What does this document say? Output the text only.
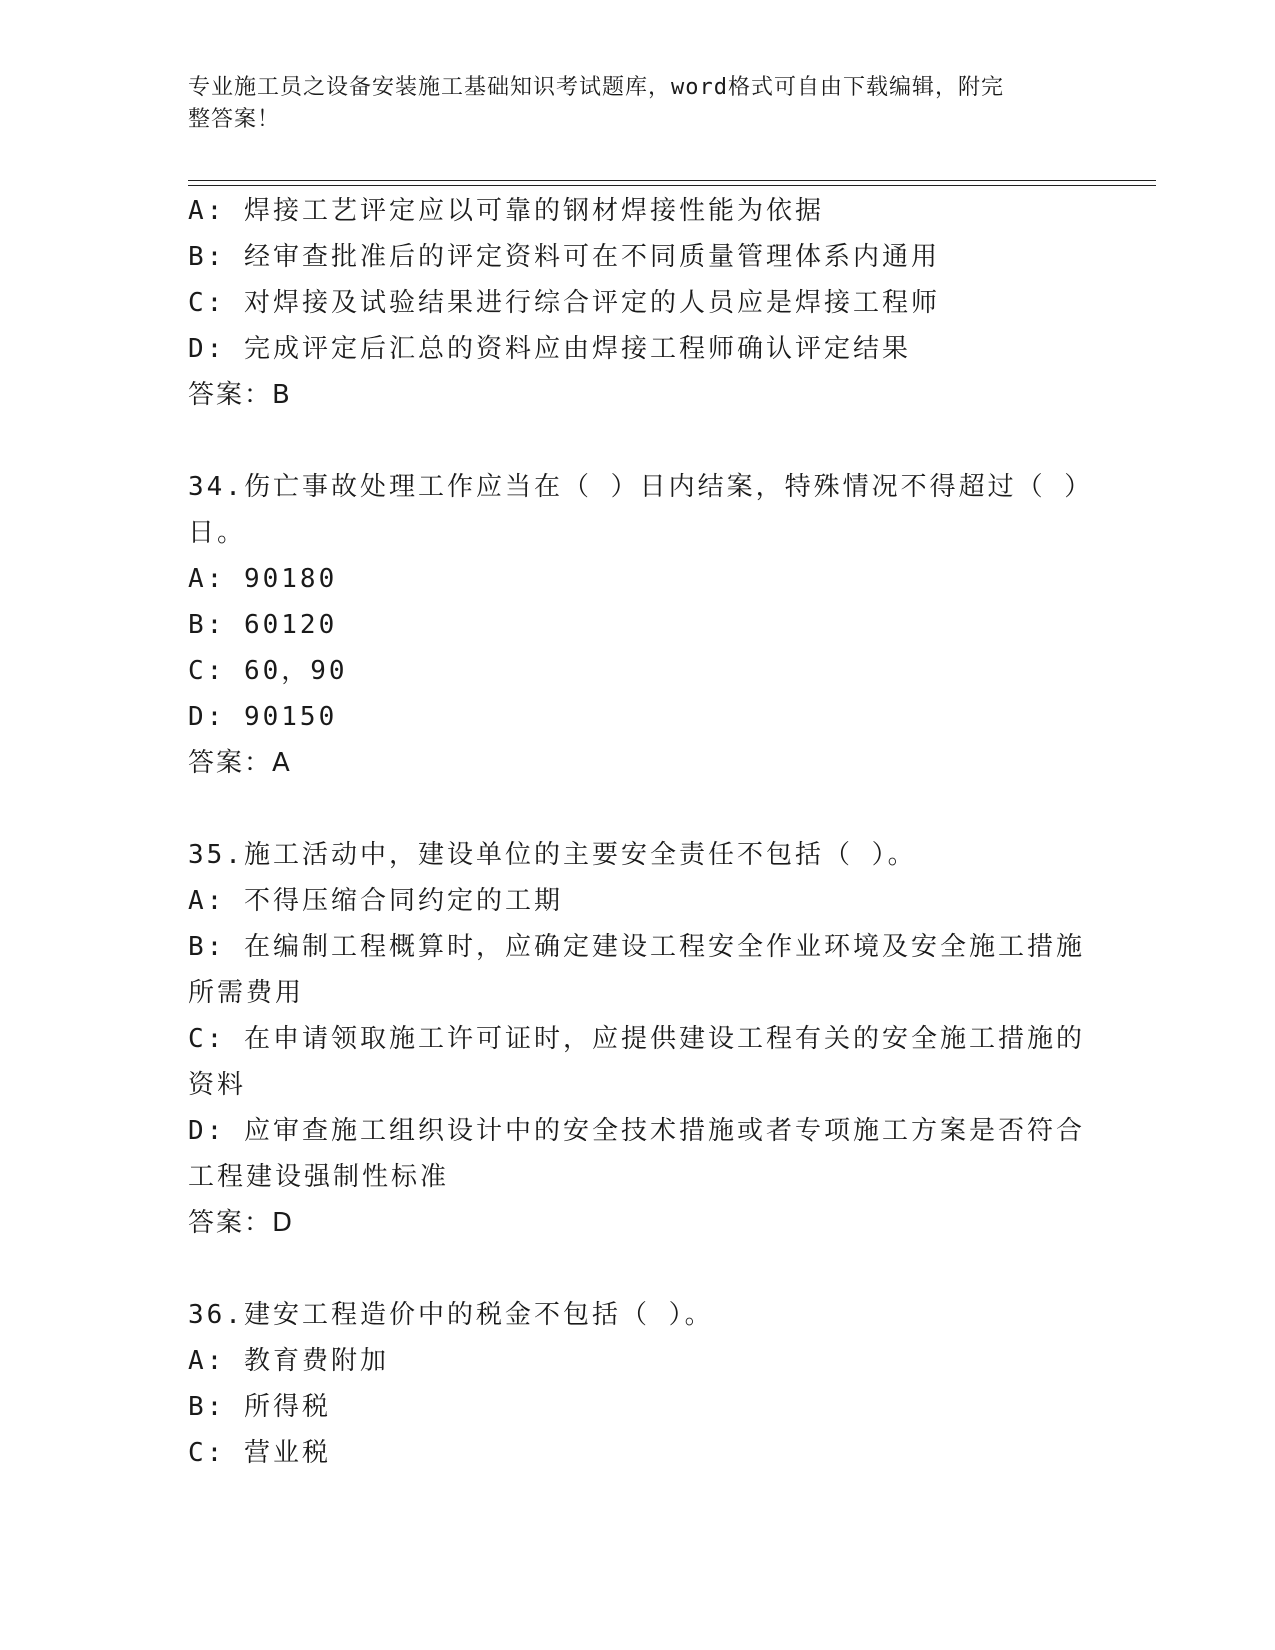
专业施工员之设备安装施工基础知识考试题库，word格式可自由下载编辑，附完
整答案！
A: 焊接工艺评定应以可靠的钢材焊接性能为依据
B: 经审查批准后的评定资料可在不同质量管理体系内通用
C: 对焊接及试验结果进行综合评定的人员应是焊接工程师
D: 完成评定后汇总的资料应由焊接工程师确认评定结果
答案：B
34.伤亡事故处理工作应当在（ ）日内结案，特殊情况不得超过（ ）
日。
A: 90180
B: 60120
C: 60，90
D: 90150
答案：A
35.施工活动中，建设单位的主要安全责任不包括（ ）。
A: 不得压缩合同约定的工期
B: 在编制工程概算时，应确定建设工程安全作业环境及安全施工措施
所需费用
C: 在申请领取施工许可证时，应提供建设工程有关的安全施工措施的
资料
D: 应审查施工组织设计中的安全技术措施或者专项施工方案是否符合
工程建设强制性标准
答案：D
36.建安工程造价中的税金不包括（ ）。
A: 教育费附加
B: 所得税
C: 营业税
